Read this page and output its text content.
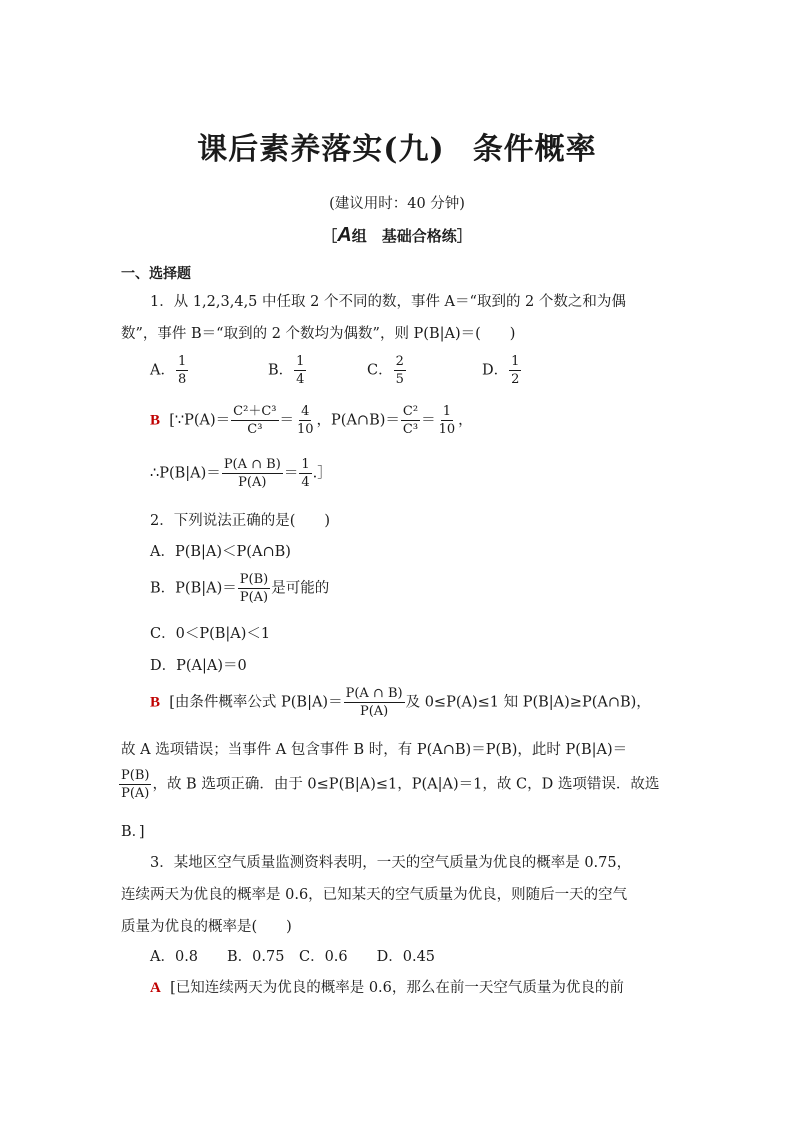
课后素养落实(九) 条件概率
(建议用时：40 分钟)
［A组　基础合格练］
一、选择题
1．从 1,2,3,4,5 中任取 2 个不同的数，事件 A＝“取到的 2 个数之和为偶
数”，事件 B＝“取到的 2 个数均为偶数”，则 P(B|A)＝(　　)
A． $\frac{1}{8}$	B． $\frac{1}{4}$	C． $\frac{2}{5}$	D． $\frac{1}{2}$
B [∵P(A)＝ $\frac{\text{C²＋C³}}{\text{C³}} = \frac{4}{10}$ ，P(A∩B)＝ $\frac{\text{C²}}{\text{C³}} = \frac{1}{10}$ ，
∴P(B|A)＝ $\frac{P(A \cap B)}{P(A)} = \frac{1}{4}$ .］
2．下列说法正确的是(　　)
A．P(B|A)＜P(A∩B)
B．$P(B|A)= \frac{P(B)}{P(A)}$ 是可能的
C．0＜P(B|A)＜1
D．P(A|A)＝0
B [由条件概率公式 $P(B|A)= \frac{P(A \cap B)}{P(A)}$ 及 0≤P(A)≤1 知 P(B|A)≥P(A∩B)，
故 A 选项错误；当事件 A 包含事件 B 时，有 P(A∩B)＝P(B)，此时 P(B|A)＝
$\frac{P(B)}{P(A)}$ ，故 B 选项正确．由于 0≤P(B|A)≤1，P(A|A)＝1，故 C，D 选项错误．故选
B．]
3．某地区空气质量监测资料表明，一天的空气质量为优良的概率是 0.75，
连续两天为优良的概率是 0.6，已知某天的空气质量为优良，则随后一天的空气
质量为优良的概率是(　　)
A．0.8　　B．0.75　C．0.6　　D．0.45
A [已知连续两天为优良的概率是 0.6，那么在前一天空气质量为优良的前
